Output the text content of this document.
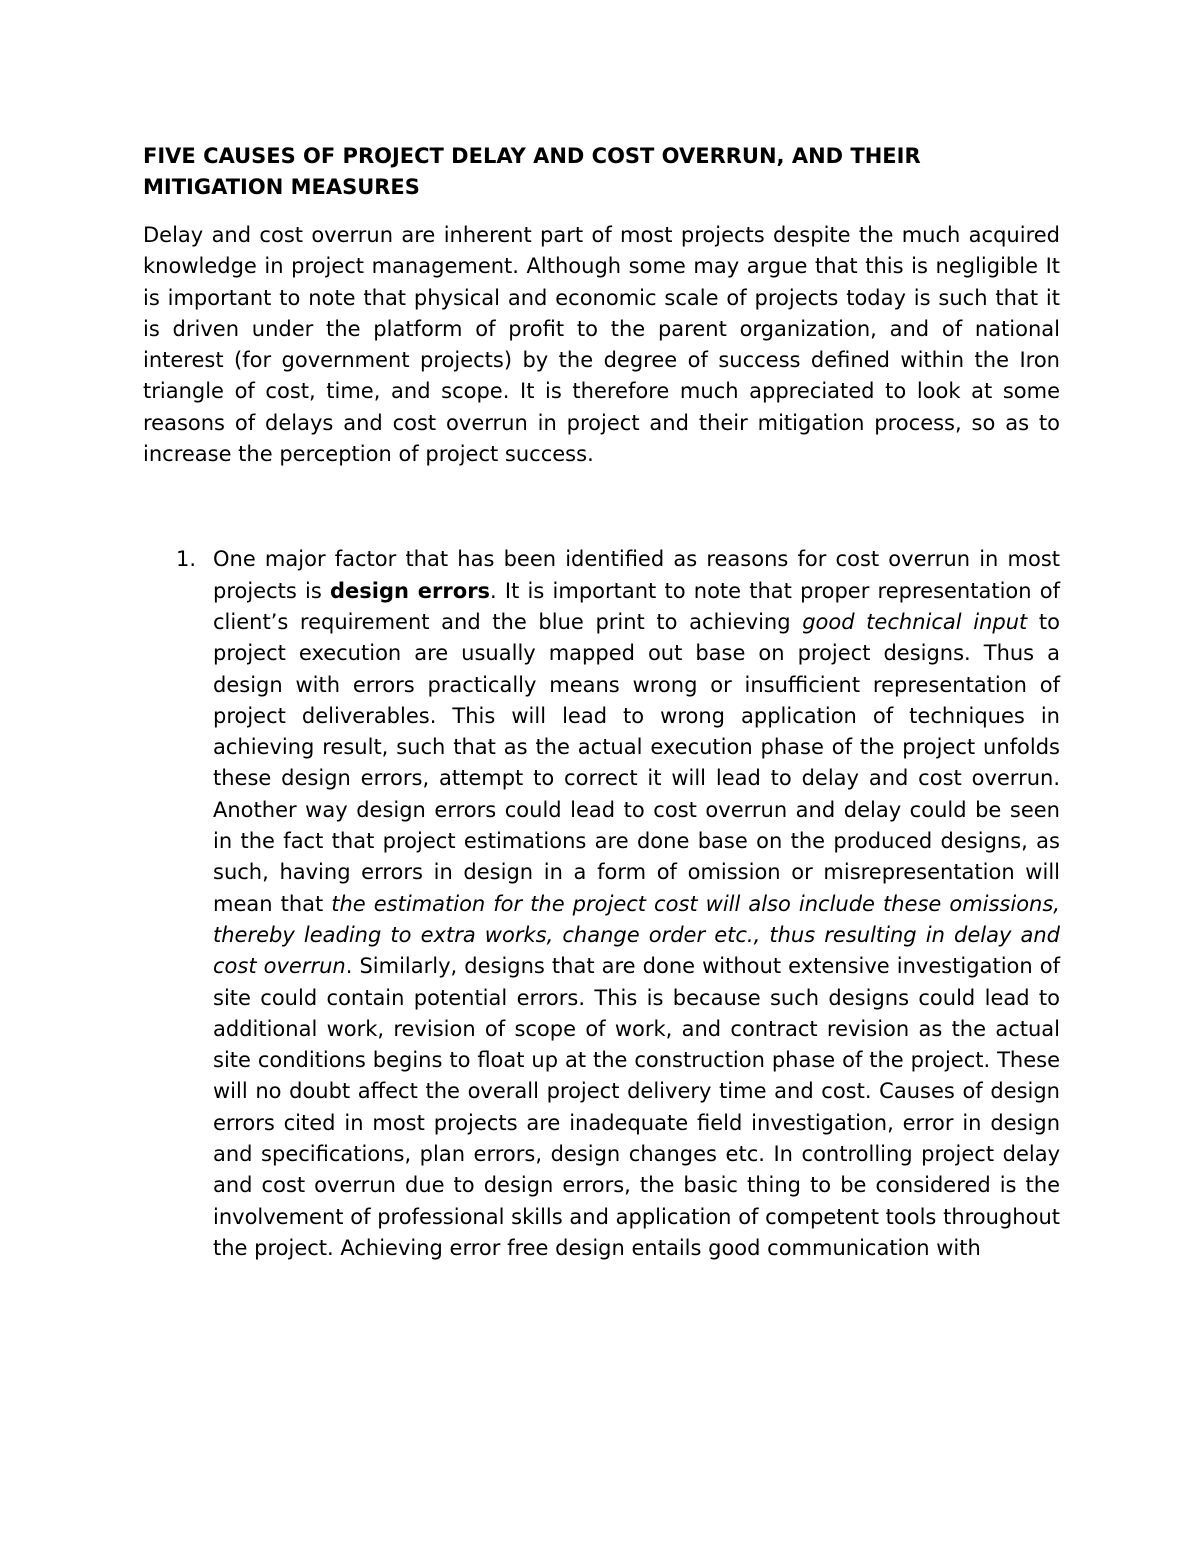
FIVE CAUSES OF PROJECT DELAY AND COST OVERRUN, AND THEIR MITIGATION MEASURES

Delay and cost overrun are inherent part of most projects despite the much acquired knowledge in project management. Although some may argue that this is negligible It is important to note that physical and economic scale of projects today is such that it is driven under the platform of profit to the parent organization, and of national interest (for government projects) by the degree of success defined within the Iron triangle of cost, time, and scope. It is therefore much appreciated to look at some reasons of delays and cost overrun in project and their mitigation process, so as to increase the perception of project success.

1. One major factor that has been identified as reasons for cost overrun in most projects is design errors. It is important to note that proper representation of client’s requirement and the blue print to achieving good technical input to project execution are usually mapped out base on project designs. Thus a design with errors practically means wrong or insufficient representation of project deliverables. This will lead to wrong application of techniques in achieving result, such that as the actual execution phase of the project unfolds these design errors, attempt to correct it will lead to delay and cost overrun. Another way design errors could lead to cost overrun and delay could be seen in the fact that project estimations are done base on the produced designs, as such, having errors in design in a form of omission or misrepresentation will mean that the estimation for the project cost will also include these omissions, thereby leading to extra works, change order etc., thus resulting in delay and cost overrun. Similarly, designs that are done without extensive investigation of site could contain potential errors. This is because such designs could lead to additional work, revision of scope of work, and contract revision as the actual site conditions begins to float up at the construction phase of the project. These will no doubt affect the overall project delivery time and cost. Causes of design errors cited in most projects are inadequate field investigation, error in design and specifications, plan errors, design changes etc. In controlling project delay and cost overrun due to design errors, the basic thing to be considered is the involvement of professional skills and application of competent tools throughout the project. Achieving error free design entails good communication with
